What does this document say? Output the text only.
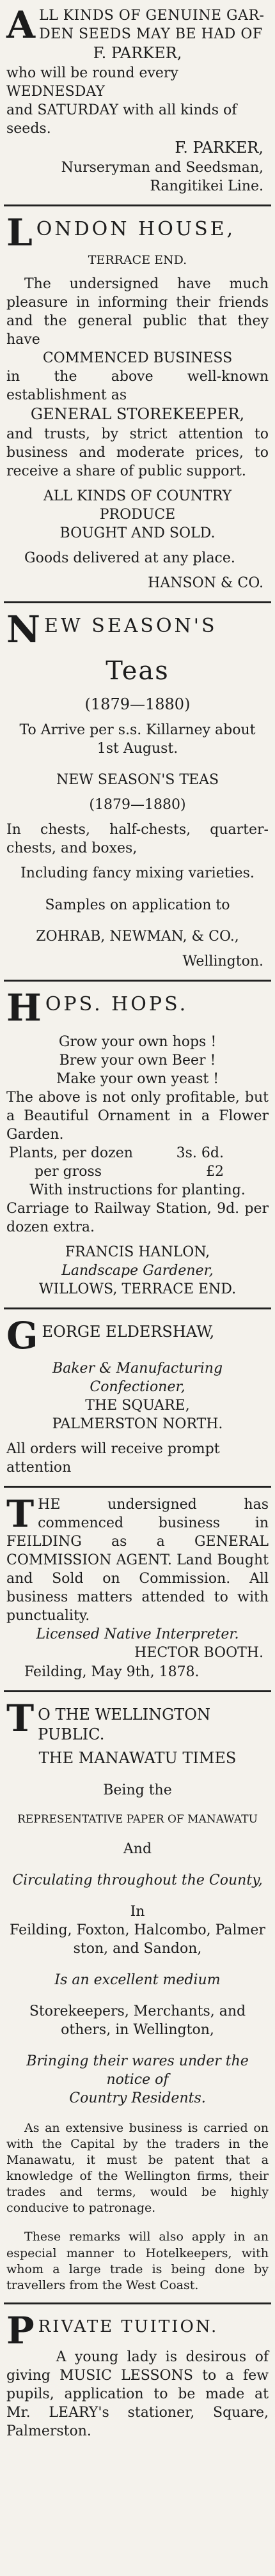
A LL KINDS OF GENUINE GAR-
DEN SEEDS MAY BE HAD OF
F. PARKER,
who will be round every WEDNESDAY
and SATURDAY with all kinds of seeds.
F. PARKER,
Nurseryman and Seedsman,
Rangitikei Line.
L ONDON HOUSE,
TERRACE END.
The undersigned have much pleasure in informing their friends and the general public that they have
COMMENCED BUSINESS
in the above well-known establishment as
GENERAL STOREKEEPER,
and trusts, by strict attention to business and moderate prices, to receive a share of public support.
ALL KINDS OF COUNTRY PRODUCE
BOUGHT AND SOLD.
Goods delivered at any place.
HANSON & CO.
N EW SEASON'S
Teas
(1879—1880)
To Arrive per s.s. Killarney about
1st August.
NEW SEASON'S TEAS
(1879—1880)
In chests, half-chests, quarter-chests, and boxes,
Including fancy mixing varieties.
Samples on application to
ZOHRAB, NEWMAN, & CO.,
Wellington.
H OPS. HOPS.
Grow your own hops !
Brew your own Beer !
Make your own yeast !
The above is not only profitable, but a Beautiful Ornament in a Flower Garden.
Plants, per dozen	3s. 6d.
per gross	£2
With instructions for planting.
Carriage to Railway Station, 9d. per dozen extra.
FRANCIS HANLON,
Landscape Gardener,
WILLOWS, TERRACE END.
G EORGE ELDERSHAW,
Baker & Manufacturing Confectioner,
THE SQUARE,
PALMERSTON NORTH.
All orders will receive prompt attention
T HE undersigned has commenced business in FEILDING as a GENERAL COMMISSION AGENT. Land Bought and Sold on Commission. All business matters attended to with punctuality.
Licensed Native Interpreter.
HECTOR BOOTH.
Feilding, May 9th, 1878.
T O THE WELLINGTON PUBLIC.
THE MANAWATU TIMES
Being the
REPRESENTATIVE PAPER OF MANAWATU
And
Circulating throughout the County,
In
Feilding, Foxton, Halcombo, Palmer
ston, and Sandon,
Is an excellent medium
Storekeepers, Merchants, and others, in Wellington,
Bringing their wares under the notice of
Country Residents.
As an extensive business is carried on with the Capital by the traders in the Manawatu, it must be patent that a knowledge of the Wellington firms, their trades and terms, would be highly conducive to patronage.
These remarks will also apply in an especial manner to Hotelkeepers, with whom a large trade is being done by travellers from the West Coast.
P RIVATE TUITION.
A young lady is desirous of giving MUSIC LESSONS to a few pupils, application to be made at Mr. LEARY's stationer, Square, Palmerston.
